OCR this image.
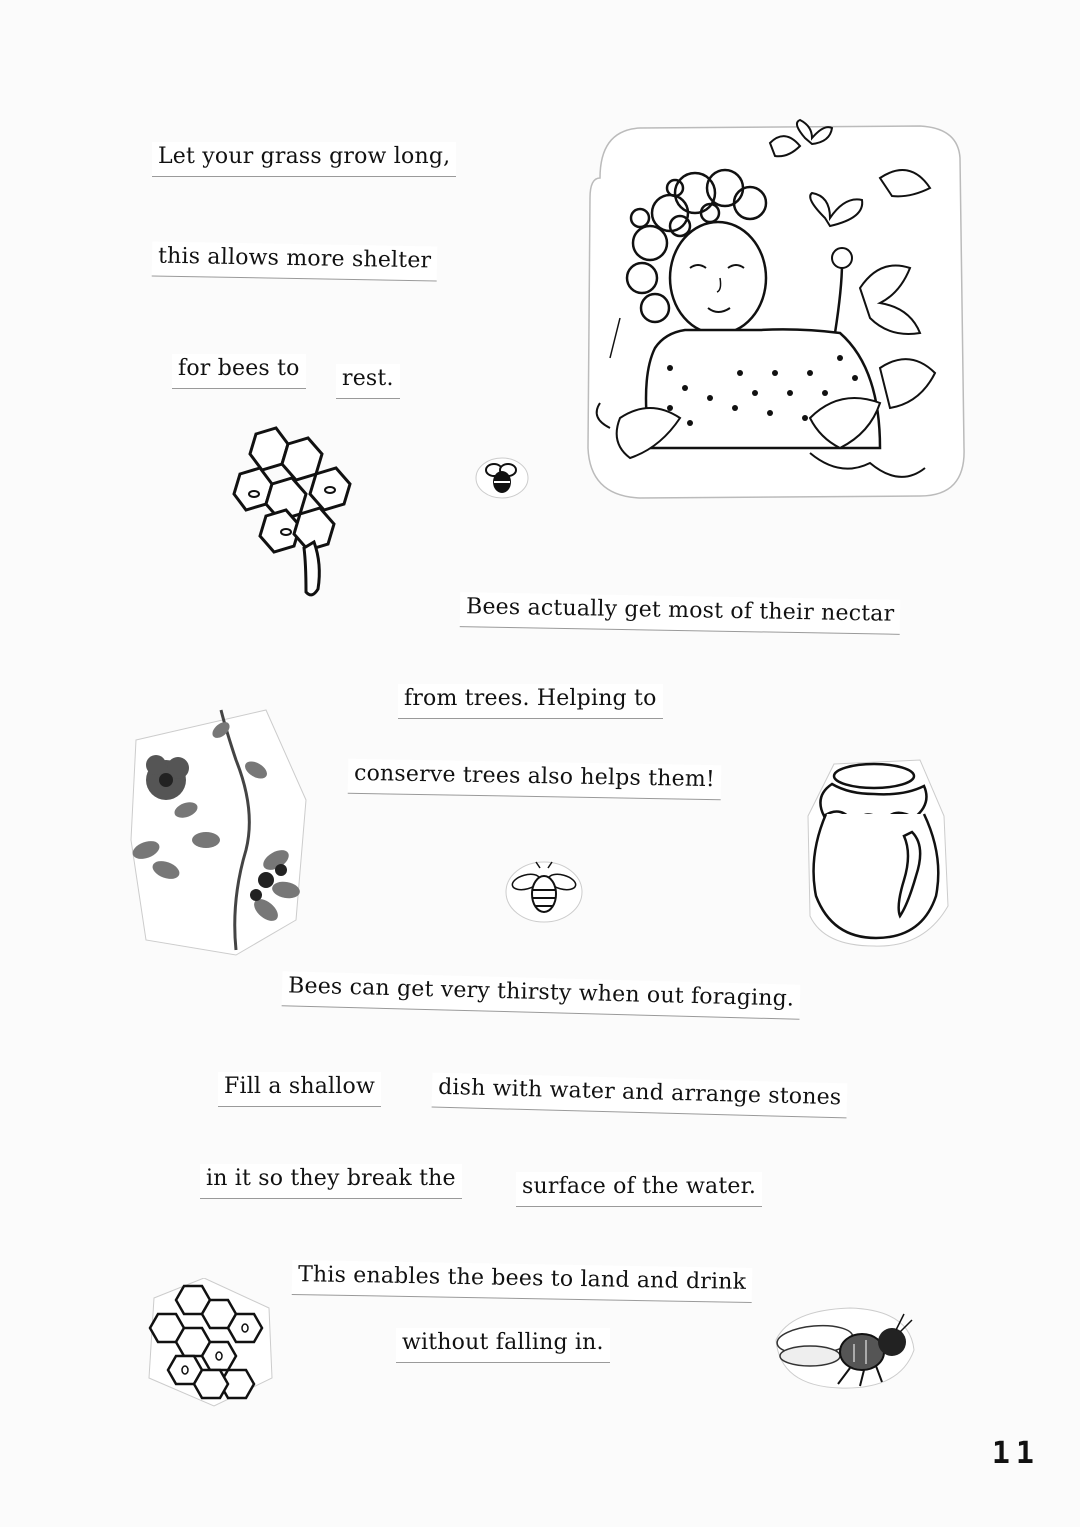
Let your grass grow long,
this allows more shelter
for bees to rest.
Bees actually get most of their nectar
from trees. Helping to
conserve trees also helps them!
Bees can get very thirsty when out foraging.
Fill a shallow	dish with water and arrange stones
in it so they break the	surface of the water.
This enables the bees to land and drink
without falling in.
11
